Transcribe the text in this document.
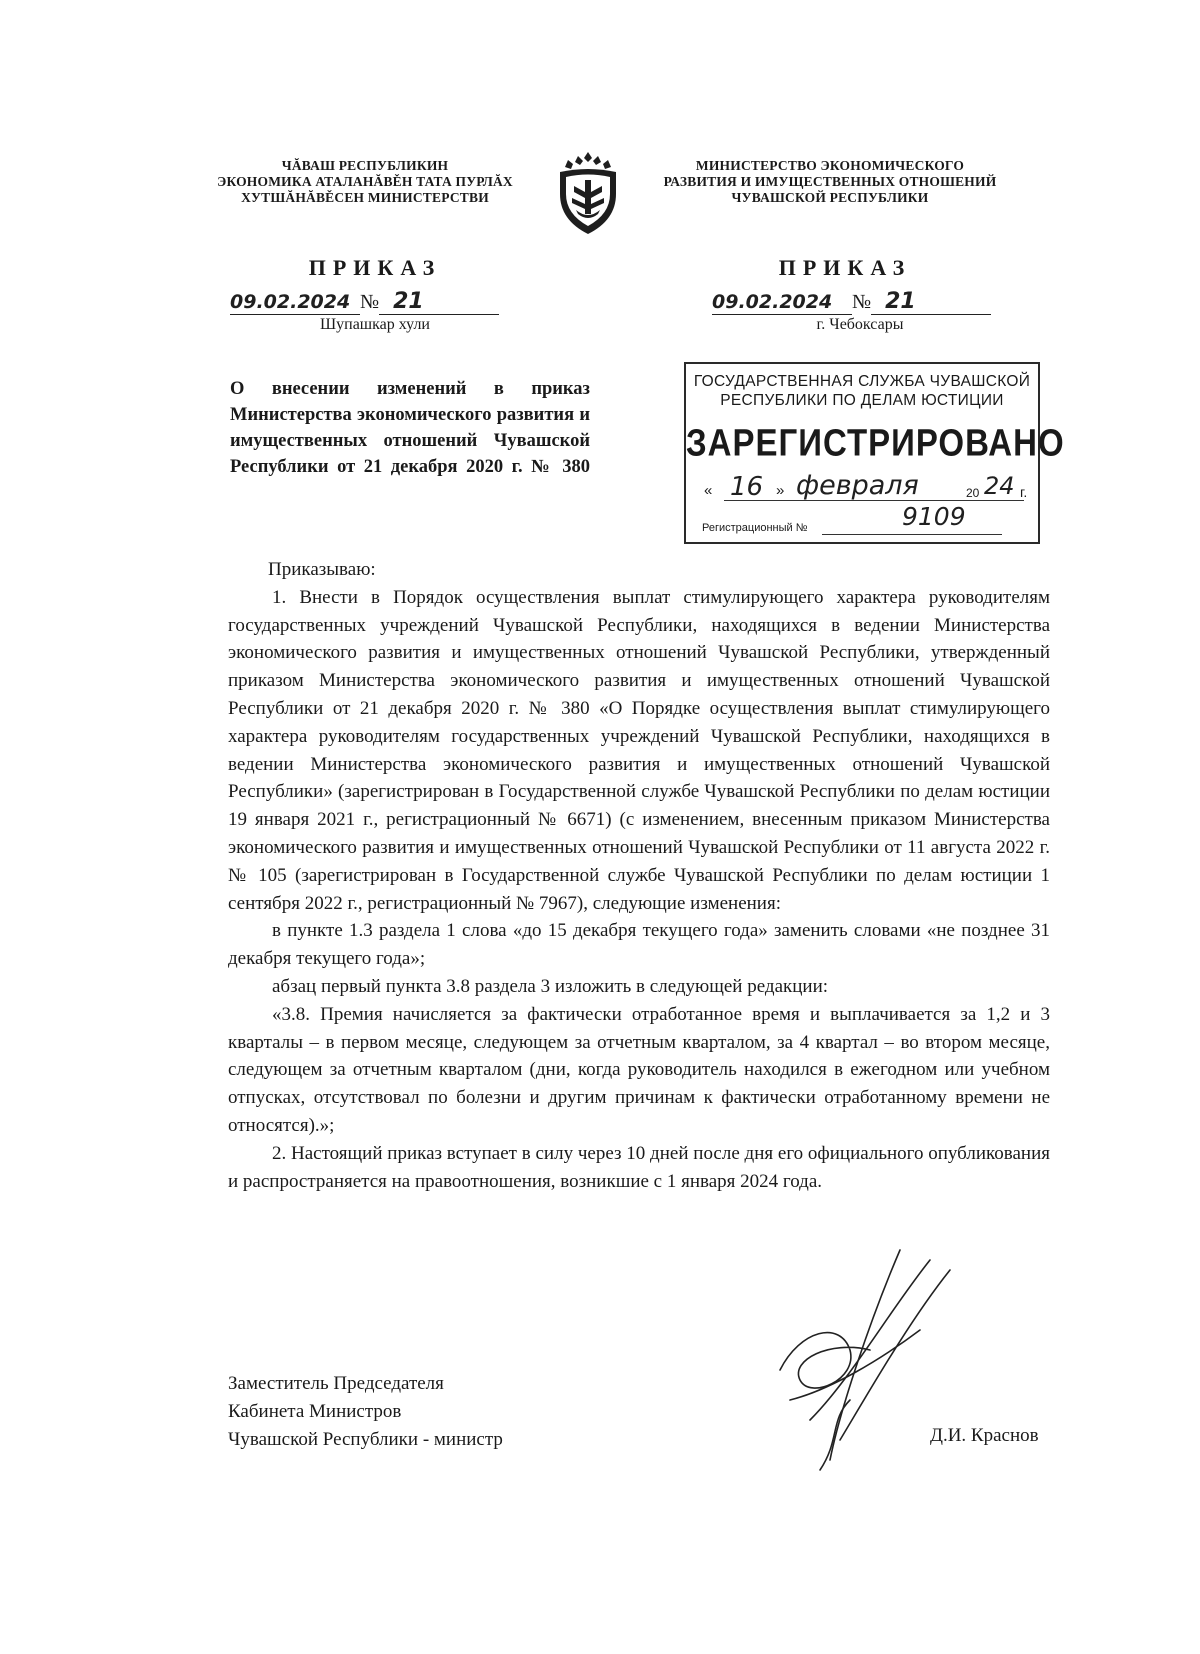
ЧĂВАШ РЕСПУБЛИКИН
ЭКОНОМИКА АТАЛАНĂВĚН ТАТА ПУРЛĂХ
ХУТШĂНĂВĚСЕН МИНИСТЕРСТВИ
МИНИСТЕРСТВО ЭКОНОМИЧЕСКОГО
РАЗВИТИЯ И ИМУЩЕСТВЕННЫХ ОТНОШЕНИЙ
ЧУВАШСКОЙ РЕСПУБЛИКИ
ПРИКАЗ
09.02.2024 № 21
Шупашкар хули
ПРИКАЗ
09.02.2024 № 21
г. Чебоксары
О внесении изменений в приказ Министерства экономического развития и имущественных отношений Чувашской Республики от 21 декабря 2020 г. № 380
ГОСУДАРСТВЕННАЯ СЛУЖБА ЧУВАШСКОЙ
РЕСПУБЛИКИ ПО ДЕЛАМ ЮСТИЦИИ
ЗАРЕГИСТРИРОВАНО
« 16 » февраля	20 24 г.
Регистрационный №	9109

Приказываю:

1. Внести в Порядок осуществления выплат стимулирующего характера руководителям государственных учреждений Чувашской Республики, находящихся в ведении Министерства экономического развития и имущественных отношений Чувашской Республики, утвержденный приказом Министерства экономического развития и имущественных отношений Чувашской Республики от 21 декабря 2020 г. № 380 «О Порядке осуществления выплат стимулирующего характера руководителям государственных учреждений Чувашской Республики, находящихся в ведении Министерства экономического развития и имущественных отношений Чувашской Республики» (зарегистрирован в Государственной службе Чувашской Республики по делам юстиции 19 января 2021 г., регистрационный № 6671) (с изменением, внесенным приказом Министерства экономического развития и имущественных отношений Чувашской Республики от 11 августа 2022 г. № 105 (зарегистрирован в Государственной службе Чувашской Республики по делам юстиции 1 сентября 2022 г., регистрационный № 7967), следующие изменения:

в пункте 1.3 раздела 1 слова «до 15 декабря текущего года» заменить словами «не позднее 31 декабря текущего года»;

абзац первый пункта 3.8 раздела 3 изложить в следующей редакции:

«3.8. Премия начисляется за фактически отработанное время и выплачивается за 1,2 и 3 кварталы – в первом месяце, следующем за отчетным кварталом, за 4 квартал – во втором месяце, следующем за отчетным кварталом (дни, когда руководитель находился в ежегодном или учебном отпусках, отсутствовал по болезни и другим причинам к фактически отработанному времени не относятся).»;

2. Настоящий приказ вступает в силу через 10 дней после дня его официального опубликования и распространяется на правоотношения, возникшие с 1 января 2024 года.

Заместитель Председателя
Кабинета Министров
Чувашской Республики - министр	Д.И. Краснов
